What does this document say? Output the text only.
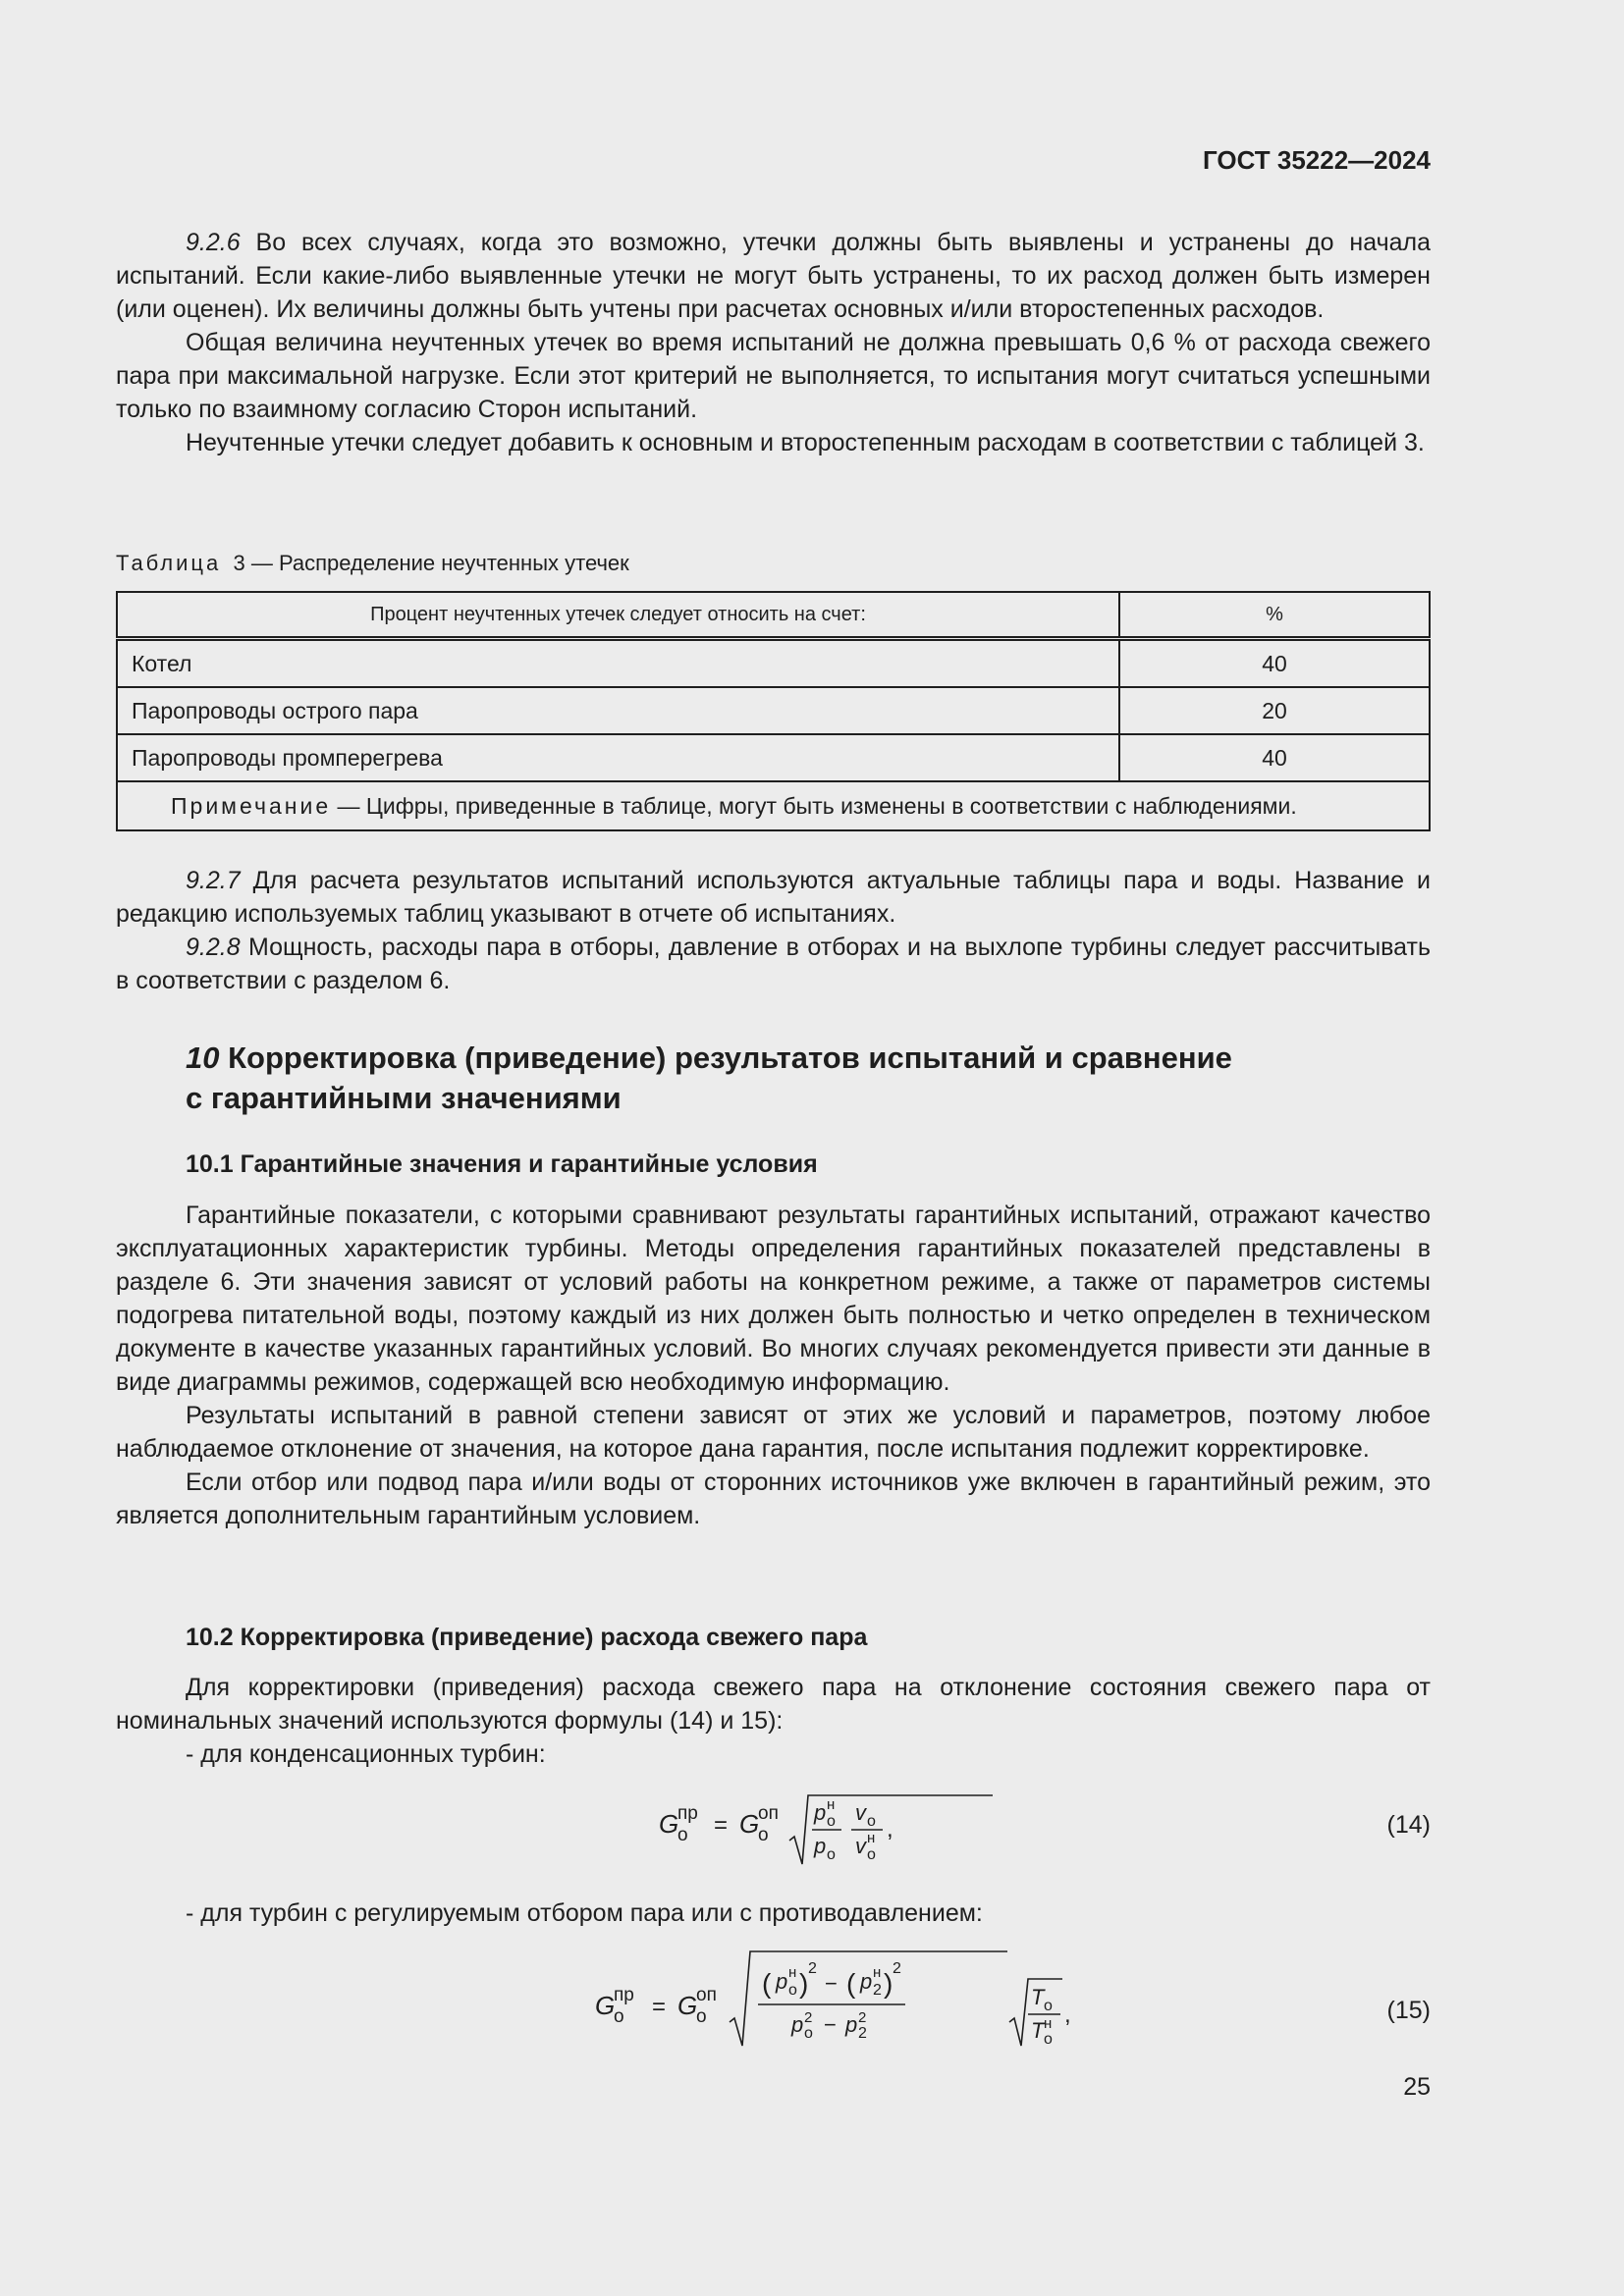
ГОСТ 35222—2024

9.2.6 Во всех случаях, когда это возможно, утечки должны быть выявлены и устранены до начала испытаний. Если какие-либо выявленные утечки не могут быть устранены, то их расход должен быть измерен (или оценен). Их величины должны быть учтены при расчетах основных и/или второстепенных расходов.

Общая величина неучтенных утечек во время испытаний не должна превышать 0,6 % от расхода свежего пара при максимальной нагрузке. Если этот критерий не выполняется, то испытания могут считаться успешными только по взаимному согласию Сторон испытаний.

Неучтенные утечки следует добавить к основным и второстепенным расходам в соответствии с таблицей 3.

Таблица 3 — Распределение неучтенных утечек
Процент неучтенных утечек следует относить на счет:	%
Котел	40
Паропроводы острого пара	20
Паропроводы промперегрева	40
Примечание — Цифры, приведенные в таблице, могут быть изменены в соответствии с наблюдениями.	

9.2.7 Для расчета результатов испытаний используются актуальные таблицы пара и воды. Название и редакцию используемых таблиц указывают в отчете об испытаниях.

9.2.8 Мощность, расходы пара в отборы, давление в отборах и на выхлопе турбины следует рассчитывать в соответствии с разделом 6.

10 Корректировка (приведение) результатов испытаний и сравнение
с гарантийными значениями
10.1 Гарантийные значения и гарантийные условия

Гарантийные показатели, с которыми сравнивают результаты гарантийных испытаний, отражают качество эксплуатационных характеристик турбины. Методы определения гарантийных показателей представлены в разделе 6. Эти значения зависят от условий работы на конкретном режиме, а также от параметров системы подогрева питательной воды, поэтому каждый из них должен быть полностью и четко определен в техническом документе в качестве указанных гарантийных условий. Во многих случаях рекомендуется привести эти данные в виде диаграммы режимов, содержащей всю необходимую информацию.

Результаты испытаний в равной степени зависят от этих же условий и параметров, поэтому любое наблюдаемое отклонение от значения, на которое дана гарантия, после испытания подлежит корректировке.

Если отбор или подвод пара и/или воды от сторонних источников уже включен в гарантийный режим, это является дополнительным гарантийным условием.

10.2 Корректировка (приведение) расхода свежего пара

Для корректировки (приведения) расхода свежего пара на отклонение состояния свежего пара от номинальных значений используются формулы (14) и 15):

- для конденсационных турбин:

G
о
пр = G
о
оп p о
н
p о
v о
v о
н ,	(14)

- для турбин с регулируемым отбором пара или с противодавлением:

G
о
пр = G
о
оп ( p о
н ) 2
− ( p 2
н ) 2
p о
2 − p 2
2
T о
T о
н ,	(15)
25
